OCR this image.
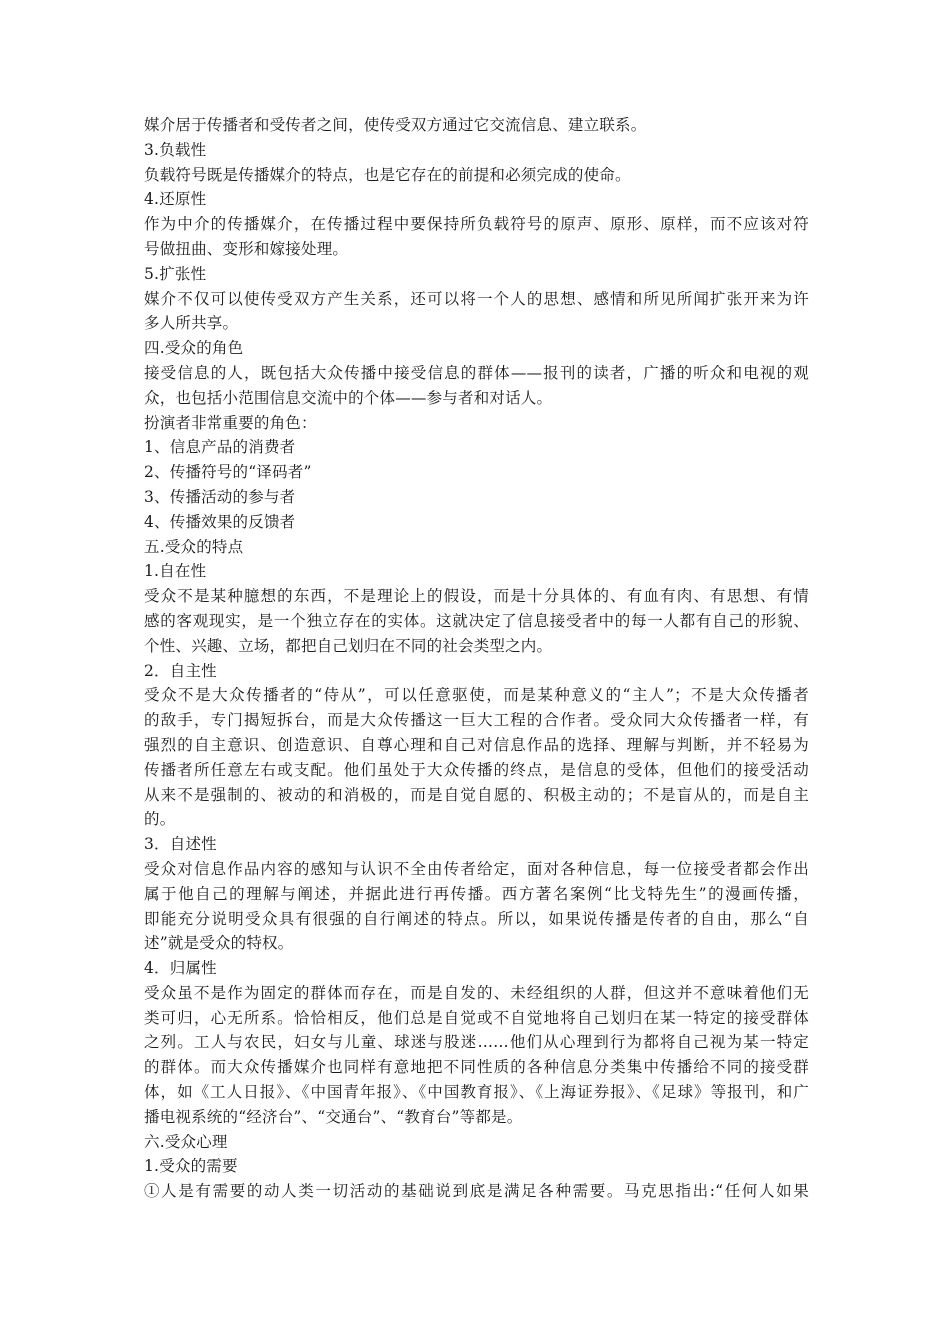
媒介居于传播者和受传者之间，使传受双方通过它交流信息、建立联系。
3.负载性
负载符号既是传播媒介的特点，也是它存在的前提和必须完成的使命。
4.还原性
作为中介的传播媒介，在传播过程中要保持所负载符号的原声、原形、原样，而不应该对符
号做扭曲、变形和嫁接处理。
5.扩张性
媒介不仅可以使传受双方产生关系，还可以将一个人的思想、感情和所见所闻扩张开来为许
多人所共享。
四.受众的角色
接受信息的人，既包括大众传播中接受信息的群体——报刊的读者，广播的听众和电视的观
众，也包括小范围信息交流中的个体——参与者和对话人。
扮演者非常重要的角色：
1、信息产品的消费者
2、传播符号的“译码者”
3、传播活动的参与者
4、传播效果的反馈者
五.受众的特点
1.自在性
受众不是某种臆想的东西，不是理论上的假设，而是十分具体的、有血有肉、有思想、有情
感的客观现实，是一个独立存在的实体。这就决定了信息接受者中的每一人都有自己的形貌、
个性、兴趣、立场，都把自己划归在不同的社会类型之内。
2．自主性
受众不是大众传播者的“侍从”，可以任意驱使，而是某种意义的“主人”；不是大众传播者
的敌手，专门揭短拆台，而是大众传播这一巨大工程的合作者。受众同大众传播者一样，有
强烈的自主意识、创造意识、自尊心理和自己对信息作品的选择、理解与判断，并不轻易为
传播者所任意左右或支配。他们虽处于大众传播的终点，是信息的受体，但他们的接受活动
从来不是强制的、被动的和消极的，而是自觉自愿的、积极主动的；不是盲从的，而是自主
的。
3．自述性
受众对信息作品内容的感知与认识不全由传者给定，面对各种信息，每一位接受者都会作出
属于他自己的理解与阐述，并据此进行再传播。西方著名案例“比戈特先生”的漫画传播，
即能充分说明受众具有很强的自行阐述的特点。所以，如果说传播是传者的自由，那么“自
述”就是受众的特权。
4．归属性
受众虽不是作为固定的群体而存在，而是自发的、未经组织的人群，但这并不意味着他们无
类可归，心无所系。恰恰相反，他们总是自觉或不自觉地将自己划归在某一特定的接受群体
之列。工人与农民，妇女与儿童、球迷与股迷……他们从心理到行为都将自己视为某一特定
的群体。而大众传播媒介也同样有意地把不同性质的各种信息分类集中传播给不同的接受群
体，如《工人日报》、《中国青年报》、《中国教育报》、《上海证券报》、《足球》等报刊，和广
播电视系统的“经济台”、“交通台”、“教育台”等都是。
六.受众心理
1.受众的需要
①人是有需要的动人类一切活动的基础说到底是满足各种需要。马克思指出:“任何人如果
